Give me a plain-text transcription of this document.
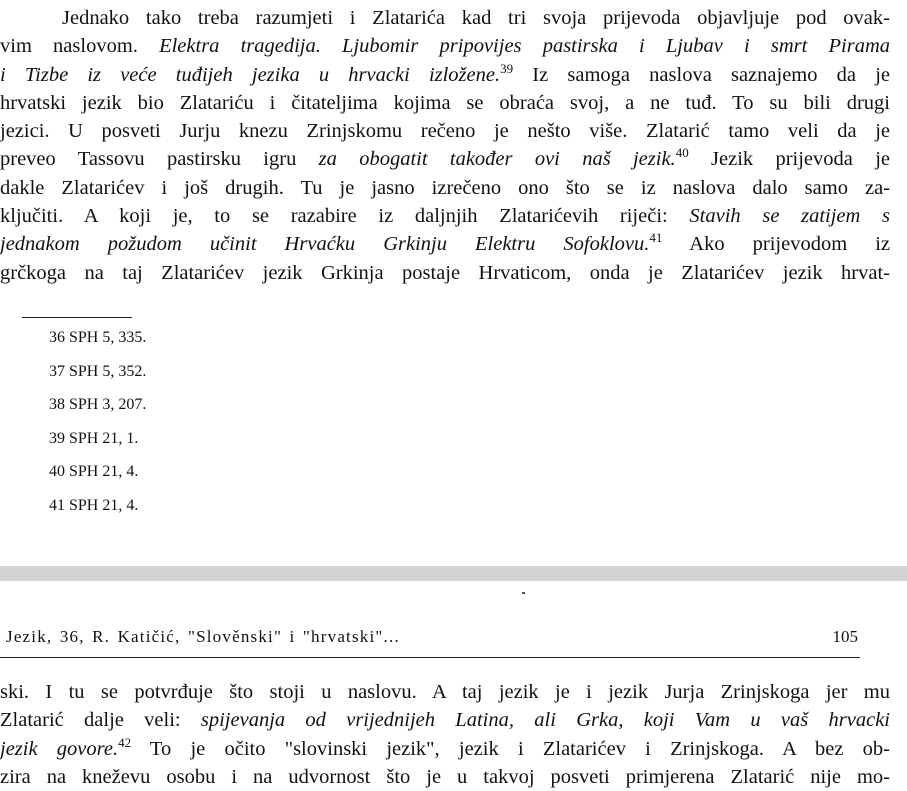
Jednako tako treba razumjeti i Zlatarića kad tri svoja prijevoda objavljuje pod ovak-
vim naslovom. Elektra tragedija. Ljubomir pripovijes pastirska i Ljubav i smrt Pirama
i Tizbe iz veće tuđijeh jezika u hrvacki izložene.$^{39}$ Iz samoga naslova saznajemo da je
hrvatski jezik bio Zlatariću i čitateljima kojima se obraća svoj, a ne tuđ. To su bili drugi
jezici. U posveti Jurju knezu Zrinjskomu rečeno je nešto više. Zlatarić tamo veli da je
preveo Tassovu pastirsku igru za obogatit također ovi naš jezik.$^{40}$ Jezik prijevoda je
dakle Zlatarićev i još drugih. Tu je jasno izrečeno ono što se iz naslova dalo samo za-
ključiti. A koji je, to se razabire iz daljnjih Zlatarićevih riječi: Stavih se zatijem s
jednakom požudom učinit Hrvaćku Grkinju Elektru Sofoklovu.$^{41}$ Ako prijevodom iz
grčkoga na taj Zlatarićev jezik Grkinja postaje Hrvaticom, onda je Zlatarićev jezik hrvat-
36 SPH 5, 335.
37 SPH 5, 352.
38 SPH 3, 207.
39 SPH 21, 1.
40 SPH 21, 4.
41 SPH 21, 4.
Jezik, 36, R. Katičić, "Slověnski" i "hrvatski"...	105
ski. I tu se potvrđuje što stoji u naslovu. A taj jezik je i jezik Jurja Zrinjskoga jer mu
Zlatarić dalje veli: spijevanja od vrijednijeh Latina, ali Grka, koji Vam u vaš hrvacki
jezik govore.$^{42}$ To je očito "slovinski jezik", jezik i Zlatarićev i Zrinjskoga. A bez ob-
zira na kneževu osobu i na udvornost što je u takvoj posveti primjerena Zlatarić nije mo-
